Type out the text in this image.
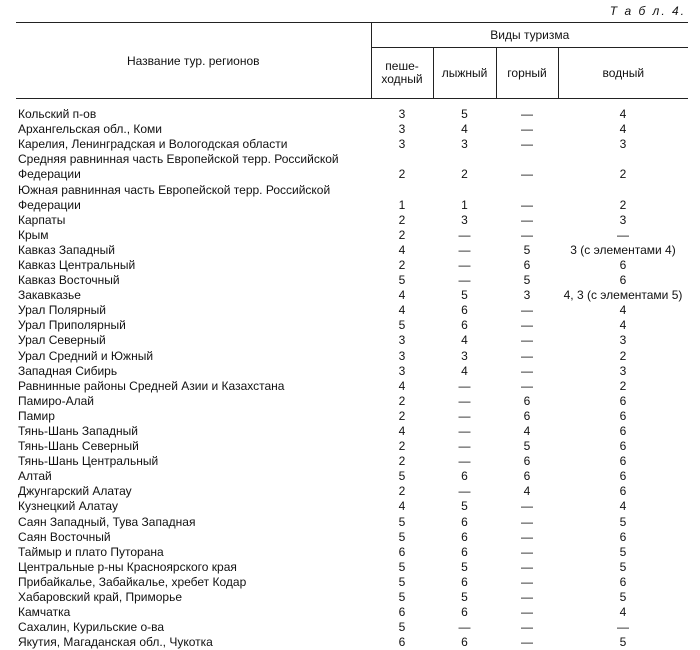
Т а б л. 4.
Название тур. регионов	Виды туризма			
	пеше-
ходный	лыжный	горный	водный

Кольский п-ов	3	5	—	4
Архангельская обл., Коми	3	4	—	4
Карелия, Ленинградская и Вологодская области	3	3	—	3
Средняя равнинная часть Европейской терр. Российской				
Федерации	2	2	—	2
Южная равнинная часть Европейской терр. Российской				
Федерации	1	1	—	2
Карпаты	2	3	—	3
Крым	2	—	—	—
Кавказ Западный	4	—	5	3 (с элементами 4)
Кавказ Центральный	2	—	6	6
Кавказ Восточный	5	—	5	6
Закавказье	4	5	3	4, 3 (с элементами 5)
Урал Полярный	4	6	—	4
Урал Приполярный	5	6	—	4
Урал Северный	3	4	—	3
Урал Средний и Южный	3	3	—	2
Западная Сибирь	3	4	—	3
Равнинные районы Средней Азии и Казахстана	4	—	—	2
Памиро-Алай	2	—	6	6
Памир	2	—	6	6
Тянь-Шань Западный	4	—	4	6
Тянь-Шань Северный	2	—	5	6
Тянь-Шань Центральный	2	—	6	6
Алтай	5	6	6	6
Джунгарский Алатау	2	—	4	6
Кузнецкий Алатау	4	5	—	4
Саян Западный, Тува Западная	5	6	—	5
Саян Восточный	5	6	—	6
Таймыр и плато Путорана	6	6	—	5
Центральные р-ны Красноярского края	5	5	—	5
Прибайкалье, Забайкалье, хребет Кодар	5	6	—	6
Хабаровский край, Приморье	5	5	—	5
Камчатка	6	6	—	4
Сахалин, Курильские о-ва	5	—	—	—
Якутия, Магаданская обл., Чукотка	6	6	—	5
